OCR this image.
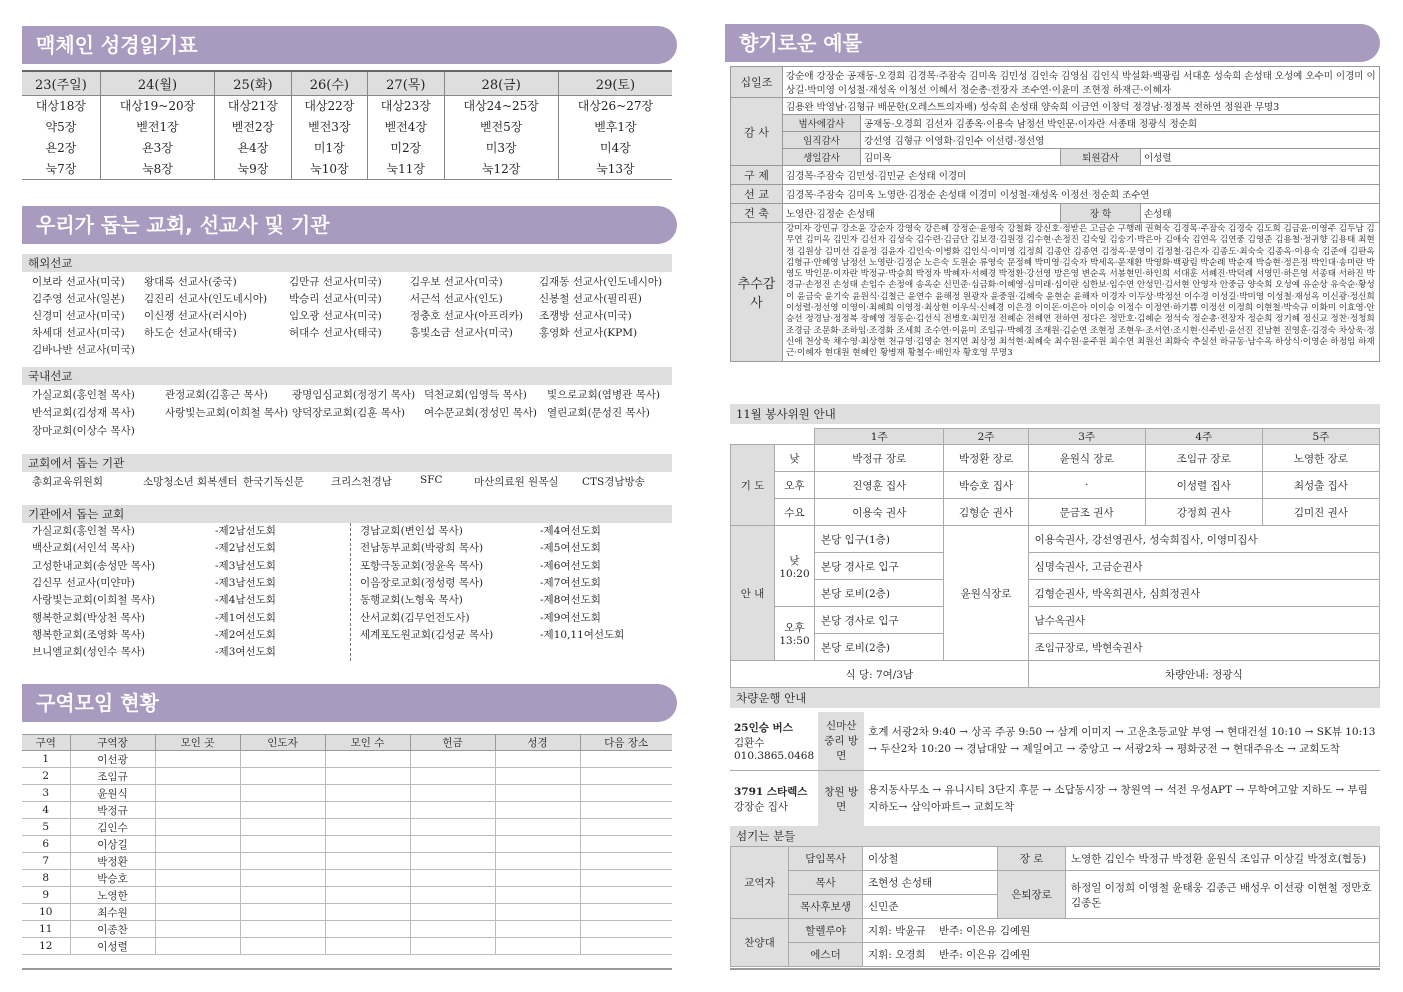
맥체인 성경읽기표
23(주일)	24(월)	25(화)	26(수)	27(목)	28(금)	29(토)
대상18장	대상19~20장	대상21장	대상22장	대상23장	대상24~25장	대상26~27장
약5장	벧전1장	벧전2장	벧전3장	벧전4장	벧전5장	벧후1장
욘2장	욘3장	욘4장	미1장	미2장	미3장	미4장
눅7장	눅8장	눅9장	눅10장	눅11장	눅12장	눅13장
우리가 돕는 교회, 선교사 및 기관
해외선교
이보라 선교사(미국) 왕대록 선교사(중국)	김만규 선교사(미국)	김우보 선교사(미국)	김재동 선교사(인도네시아)
김주영 선교사(일본) 김진리 선교사(인도네시아) 박승리 선교사(미국)	서근석 선교사(인도)	신봉철 선교사(필리핀)
신경미 선교사(미국) 이신쟁 선교사(러시아)	임오광 선교사(미국)	정충호 선교사(아프리카) 조쟁방 선교사(미국)
차세대 선교사(미국) 하도순 선교사(태국)	허대수 선교사(태국)	흥빛소금 선교사(미국) 홍영화 선교사(KPM)
김바나반 선교사(미국)
국내선교
가실교회(홍인철 목사)	관정교회(김홍근 목사) 광명임심교회(정정기 목사) 덕천교회(임영득 목사) 빛으로교회(염병관 목사)
반석교회(김성재 목사)	사랑빛는교회(이희철 목사) 양덕장로교회(김훈 목사) 여수문교회(정성민 목사) 열린교회(문성진 목사)
장마교회(이상수 목사)
교회에서 돕는 기관
총회교육위원회	소망청소년 회복센터 한국기독신문	크리스천경남	SFC	마산의료원 원목실 CTS경남방송
기관에서 돕는 교회
가실교회(홍인철 목사)	-제2남선도회
백산교회(서인석 목사)	-제2남선도회
고성한내교회(송성만 목사)	-제3남선도회
김신무 선교사(미얀마)	-제3남선도회
사랑빛는교회(이희철 목사)	-제4남선도회
행복한교회(박상천 목사)	-제1여선도회
행복한교회(조영화 목사)	-제2여선도회
브니엘교회(성인수 목사)	-제3여선도회
경남교회(변인섭 목사)	-제4여선도회
전남동부교회(박광희 목사)	-제5여선도회
포항극동교회(정윤옥 목사)	-제6여선도회
이음장로교회(정성령 목사)	-제7여선도회
동행교회(노형욱 목사)	-제8여선도회
산서교회(김무언전도사)	-제9여선도회
세계포도원교회(김성균 목사)	-제10,11여선도회
구역모임 현황
구역	구역장	모인 곳	인도자	모인 수	헌금	성경	다음 장소
1	이선광						
2	조임규						
3	윤원식						
4	박정규						
5	김인수						
6	이상길						
7	박정환						
8	박승호						
9	노영한						
10	최수원						
11	이종찬						
12	이성렬						
향기로운 예물
십일조	강순애 강장순 공재동·오경희 김경목·주잠숙 김미옥 김민성 김인숙 김영심 김인식 박설화·백광림 서대훈 성숙희 손성태 오성예 오수미 이경미 이상길·박미영 이성철·재성옥 이청선 이혜서 정순총·전장자 조수연·이윤미 조현정 하재근·이혜자			
감 사	김용완 박영남·김형규 배문한(오레스트의자배) 성숙희 손성태 양숙희 이금연 이창덕 정경남·정정복 전하연 정원관 무명3			
	범사에감사	공재동·오경희 김선자 김종옥·이용숙 남정선 박인문·이자란 서종태 정광식 정순희		
	임직감사	강선영 김형규 이영화·김인수 이선령·정선영		
	생일감사	김미옥	퇴원감사	이성렬
구 제	김경목·주잠숙 김민성·김민균 손성태 이경미			
선 교	김경목·주잠숙 김미옥 노영란·김정순 손성태 이경미 이성철·재성옥 이정선 정순희 조수연			
건 축	노영란·김정순 손성태		장 학	손성태
추수감사	강미자 강민규 강소윤 강순자 강영숙 강은혜 강정순·윤영숙 강철화 강신호·정받은 고금순 구행례 권혁숙 김경목·주잠숙 김경숙 김도희 김금윤·이영주 김두남 김무연 김미옥 김민자 김선자 김성숙 김수련·김금단 김보경·김원경 김수현·손정진 김숙일 김숭기·박은아 김애숙 김연옥 김연중 김영준 김용철·정귀향 김용태 최현정 김원상 김미선 김윤정 김윤자 김인숙·이병화 김인식·이미영 김정희 김종안 김종연 김정옥·문영이 김정철·김은자 김종도·최숙숙 김종옥·이용숙 김준애 김판옥 김형규·안혜영 남정선 노영란·김정순 노은숙 도원순 류영숙 문정혜 박미영·김숙자 박세옥·문재환 박영화·백광림 박순례 박순재 박승현·정은정 박인대·송미란 박영도 박인문·이자란 박정규·박승희 박정자 박혜자·서혜경 박정환·강선영 방은영 변순옥 서봉현민·하인희 서대훈 서혜진·박덕례 서영민·하은영 서종태 서하진 박경규·손정진 손성태 손임수 손정애 송옥순 신민준·심금화·이혜영·심미래·심이란 심한보·임수연 안성민·김서현 안영자 안중금 양숙희 오성예 유순상 유숙순·황성이 윤금숙 윤기숙 윤원식·김철근 윤연수 윤해정 원광자 윤중원·김혜숙 윤현순 윤해자 이경자 이두상·박정선 이수경 이성길·박미영 이성철·재성옥 이신광·정신희 이성렬·정선영 이영이·최혜희 이영정·최상현 이우식·신혜경 이은경 이이돈·이은아 이이승 이정수 이정연·하기쁨 이정선 이정희 이현철·박숙규 이화미 이효영·안승선 정경남·정정복 장혜영 정동순·김선식 전병호·최민정 전혜순 전혜연 전하연 정다은 정만호·김혜순 정석숙 정순총·전장자 정순희 정기혜 정신교 정찬·정청희 조경금 조문화·조하임·조경화 조세희 조수연·이윤미 조임규·박혜경 조재원·김순연 조현정 조현우·조서연·조시현·신주빈·윤선진 진남현 진영훈·김경숙 차상욱·정신애 천상욱 채수영·최상현 천규영·김영순 천지연 최상정 최석현·최혜숙 최수원·윤주원 최수연 최원선 최화숙 추실선 하규동·남수옥 하상식·이영순 하정임 하재근·이혜자 현대원 현혜인 황병재 황철수·배인자 황호영 무명3			
11월 봉사위원 안내
		1주	2주	3주	4주	5주
기 도	낮	박정규 장로	박정환 장로	윤원식 장로	조임규 장로	노영한 장로
	오후	진영훈 집사	박승호 집사	·	이성렬 집사	최성출 집사
	수요	이용숙 권사	김형순 권사	문금조 권사	강정희 권사	김미진 권사
안 내	낮
10:20	본당 입구(1층)	윤원식장로	이용숙권사, 강선영권사, 성숙희집사, 이영미집사		
		본당 경사로 입구		심명숙권사, 고금순권사		
		본당 로비(2층)		김형순권사, 박옥희권사, 심희정권사		

	오후
13:50	본당 경사로 입구		남수옥권사		
		본당 로비(2층)		조임규장로, 박현숙권사		
식 당: 7여/3남				차량안내: 정광식		
차량운행 안내
25인승 버스
김환수
010.3865.0468	신마산 중리 방면	호계 서광2차 9:40 → 상곡 주공 9:50 → 삼계 이미지 → 고운초등교앞 부영 → 현대건설 10:10 → SK뷰 10:13 → 두산2차 10:20 → 경남대앞 → 제일여고 → 중앙고 → 서광2차 → 평화궁전 → 현대주유소 → 교회도착

3791 스타렉스
강장순 집사	창원 방면	용지동사무소 → 유니시티 3단지 후문 → 소답동시장 → 창원역 → 석전 우성APT → 무학여고앞 지하도 → 부림지하도→ 삼익아파트→ 교회도착
섬기는 분들
교역자	담임목사	이상철	장 로	노영한 김인수 박정규 박정환 윤원식 조임규 이상길 박정호(협동)
	목사	조현성 손성태	은퇴장로	하정일 이정희 이영철 윤태웅 김종근 배성우 이선광 이현철 정만호 김종돈
	목사후보생	신민준		
찬양대	할렐루야	지휘: 박윤규 반주: 이은유 김예원		
	에스더	지휘: 오경희 반주: 이은유 김예원		
